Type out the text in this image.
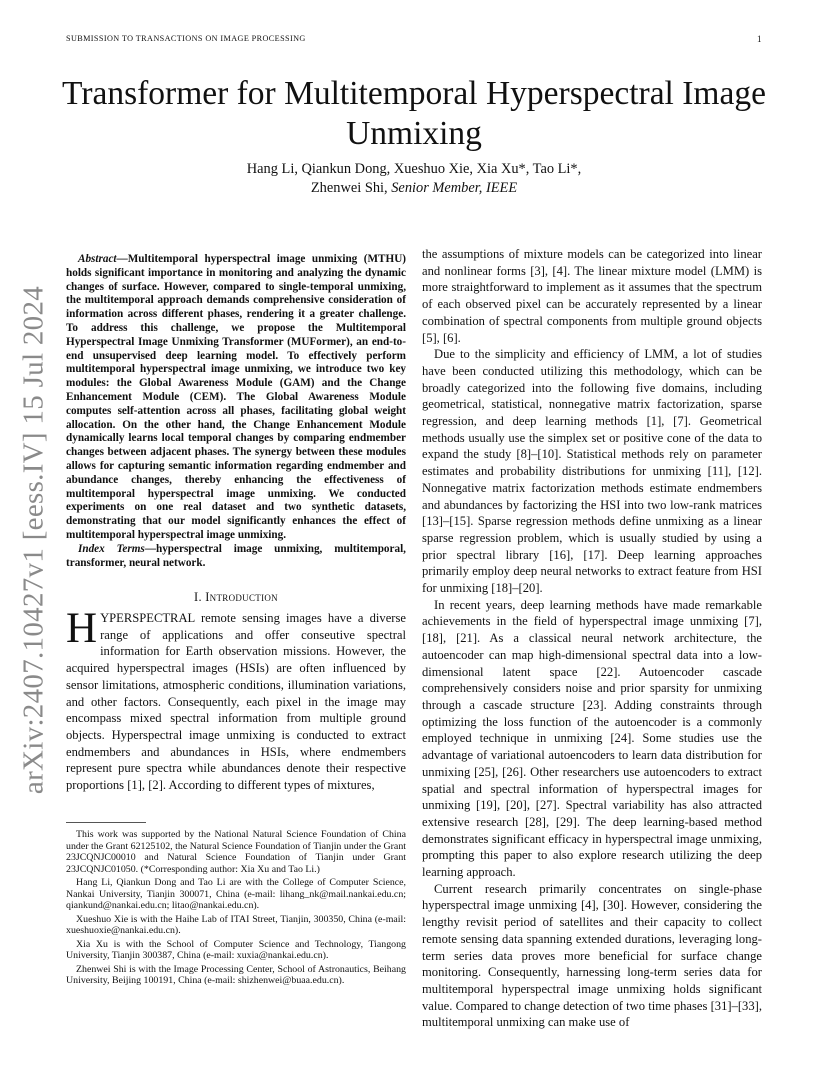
arXiv:2407.10427v1 [eess.IV] 15 Jul 2024
SUBMISSION TO TRANSACTIONS ON IMAGE PROCESSING	1
Transformer for Multitemporal Hyperspectral Image Unmixing
Hang Li, Qiankun Dong, Xueshuo Xie, Xia Xu*, Tao Li*,
Zhenwei Shi, Senior Member, IEEE

Abstract—Multitemporal hyperspectral image unmixing (MTHU) holds significant importance in monitoring and analyzing the dynamic changes of surface. However, compared to single-temporal unmixing, the multitemporal approach demands comprehensive consideration of information across different phases, rendering it a greater challenge. To address this challenge, we propose the Multitemporal Hyperspectral Image Unmixing Transformer (MUFormer), an end-to-end unsupervised deep learning model. To effectively perform multitemporal hyperspectral image unmixing, we introduce two key modules: the Global Awareness Module (GAM) and the Change Enhancement Module (CEM). The Global Awareness Module computes self-attention across all phases, facilitating global weight allocation. On the other hand, the Change Enhancement Module dynamically learns local temporal changes by comparing endmember changes between adjacent phases. The synergy between these modules allows for capturing semantic information regarding endmember and abundance changes, thereby enhancing the effectiveness of multitemporal hyperspectral image unmixing. We conducted experiments on one real dataset and two synthetic datasets, demonstrating that our model significantly enhances the effect of multitemporal hyperspectral image unmixing.

Index Terms—hyperspectral image unmixing, multitemporal, transformer, neural network.

I. Introduction

HYPERSPECTRAL remote sensing images have a diverse range of applications and offer conseutive spectral information for Earth observation missions. However, the acquired hyperspectral images (HSIs) are often influenced by sensor limitations, atmospheric conditions, illumination variations, and other factors. Consequently, each pixel in the image may encompass mixed spectral information from multiple ground objects. Hyperspectral image unmixing is conducted to extract endmembers and abundances in HSIs, where endmembers represent pure spectra while abundances denote their respective proportions [1], [2]. According to different types of mixtures,

This work was supported by the National Natural Science Foundation of China under the Grant 62125102, the Natural Science Foundation of Tianjin under the Grant 23JCQNJC00010 and Natural Science Foundation of Tianjin under Grant 23JCQNJC01050. (*Corresponding author: Xia Xu and Tao Li.)

Hang Li, Qiankun Dong and Tao Li are with the College of Computer Science, Nankai University, Tianjin 300071, China (e-mail: lihang_nk@mail.nankai.edu.cn; qiankund@nankai.edu.cn; litao@nankai.edu.cn).

Xueshuo Xie is with the Haihe Lab of ITAI Street, Tianjin, 300350, China (e-mail: xueshuoxie@nankai.edu.cn).

Xia Xu is with the School of Computer Science and Technology, Tiangong University, Tianjin 300387, China (e-mail: xuxia@nankai.edu.cn).

Zhenwei Shi is with the Image Processing Center, School of Astronautics, Beihang University, Beijing 100191, China (e-mail: shizhenwei@buaa.edu.cn).

the assumptions of mixture models can be categorized into linear and nonlinear forms [3], [4]. The linear mixture model (LMM) is more straightforward to implement as it assumes that the spectrum of each observed pixel can be accurately represented by a linear combination of spectral components from multiple ground objects [5], [6].

Due to the simplicity and efficiency of LMM, a lot of studies have been conducted utilizing this methodology, which can be broadly categorized into the following five domains, including geometrical, statistical, nonnegative matrix factorization, sparse regression, and deep learning methods [1], [7]. Geometrical methods usually use the simplex set or positive cone of the data to expand the study [8]–[10]. Statistical methods rely on parameter estimates and probability distributions for unmixing [11], [12]. Nonnegative matrix factorization methods estimate endmembers and abundances by factorizing the HSI into two low-rank matrices [13]–[15]. Sparse regression methods define unmixing as a linear sparse regression problem, which is usually studied by using a prior spectral library [16], [17]. Deep learning approaches primarily employ deep neural networks to extract feature from HSI for unmixing [18]–[20].

In recent years, deep learning methods have made remarkable achievements in the field of hyperspectral image unmixing [7], [18], [21]. As a classical neural network architecture, the autoencoder can map high-dimensional spectral data into a low-dimensional latent space [22]. Autoencoder cascade comprehensively considers noise and prior sparsity for unmixing through a cascade structure [23]. Adding constraints through optimizing the loss function of the autoencoder is a commonly employed technique in unmixing [24]. Some studies use the advantage of variational autoencoders to learn data distribution for unmixing [25], [26]. Other researchers use autoencoders to extract spatial and spectral information of hyperspectral images for unmixing [19], [20], [27]. Spectral variability has also attracted extensive research [28], [29]. The deep learning-based method demonstrates significant efficacy in hyperspectral image unmixing, prompting this paper to also explore research utilizing the deep learning approach.

Current research primarily concentrates on single-phase hyperspectral image unmixing [4], [30]. However, considering the lengthy revisit period of satellites and their capacity to collect remote sensing data spanning extended durations, leveraging long-term series data proves more beneficial for surface change monitoring. Consequently, harnessing long-term series data for multitemporal hyperspectral image unmixing holds significant value. Compared to change detection of two time phases [31]–[33], multitemporal unmixing can make use of
